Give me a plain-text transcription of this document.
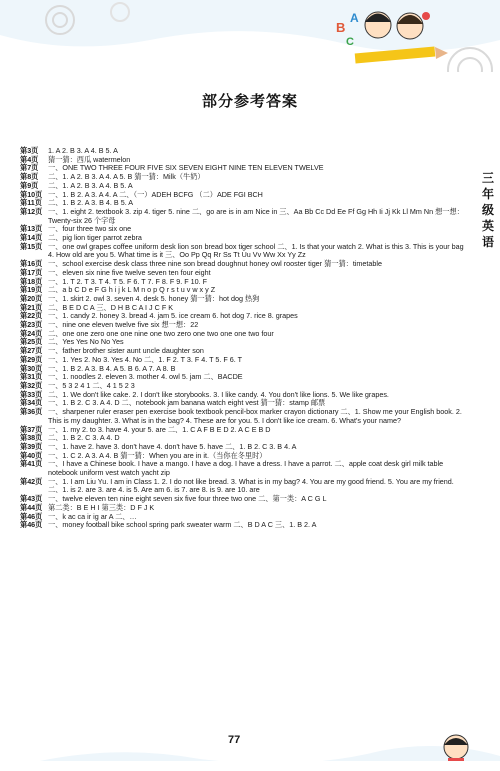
B
A
C
部分参考答案
三年级英语
第3页	1. A 2. B 3. A 4. B 5. A
第4页	猜一猜：西瓜 watermelon
第7页	一、ONE TWO THREE FOUR FIVE SIX SEVEN EIGHT NINE TEN ELEVEN TWELVE
第8页	二、1. A 2. B 3. A 4. A 5. B 猜一猜：Milk（牛奶）
第9页	二、1. A 2. B 3. A 4. B 5. A
第10页 一、1. B 2. A 3. A 4. A 二、（一）ADEH BCFG （二）ADE FGI BCH
第11页 二、1. B 2. A 3. B 4. B 5. A
第12页 一、1. eight 2. textbook 3. zip 4. tiger 5. nine 二、go are is in am Nice in 三、Aa Bb Cc Dd Ee Ff Gg Hh Ii Jj Kk Ll Mm Nn 想一想：Twenty-six 26 个字母
第13页 一、four three two six one
第14页 二、pig lion tiger parrot zebra
第15页 一、one owl grapes coffee uniform desk lion son bread box tiger school 二、1. Is that your watch 2. What is this 3. This is your bag 4. How old are you 5. What time is it 三、Oo Pp Qq Rr Ss Tt Uu Vv Ww Xx Yy Zz
第16页 一、school exercise desk class three nine son bread doughnut honey owl rooster tiger 猜一猜：timetable
第17页 一、eleven six nine five twelve seven ten four eight
第18页 一、1. T 2. T 3. T 4. T 5. F 6. T 7. F 8. F 9. F 10. F
第19页 二、a b C D e F G h i j k L M n o p Q r s t u v w x y Z
第20页 一、1. skirt 2. owl 3. seven 4. desk 5. honey 猜一猜：hot dog 热狗
第21页 二、B E D C A 三、D H B C A I J C F K
第22页 一、1. candy 2. honey 3. bread 4. jam 5. ice cream 6. hot dog 7. rice 8. grapes
第23页 一、nine one eleven twelve five six 想一想：22
第24页 二、one one zero one one nine one two zero one two one one two four
第25页 二、Yes Yes No No Yes
第27页 一、father brother sister aunt uncle daughter son
第29页 一、1. Yes 2. No 3. Yes 4. No 二、1. F 2. T 3. F 4. T 5. F 6. T
第30页 一、1. B 2. A 3. B 4. A 5. B 6. A 7. A 8. B
第31页 一、1. noodles 2. eleven 3. mother 4. owl 5. jam 二、BACDE
第32页 一、5 3 2 4 1 二、4 1 5 2 3
第33页 二、1. We don't like cake. 2. I don't like storybooks. 3. I like candy. 4. You don't like lions. 5. We like grapes.
第34页 一、1. B 2. C 3. A 4. D 二、notebook jam banana watch eight vest 猜一猜：stamp 邮票
第36页 一、sharpener ruler eraser pen exercise book textbook pencil-box marker crayon dictionary 二、1. Show me your English book. 2. This is my daughter. 3. What is in the bag? 4. These are for you. 5. I don't like ice cream. 6. What's your name?
第37页 一、1. my 2. to 3. have 4. your 5. are 二、1. C A F B E D 2. A C E B D
第38页 二、1. B 2. C 3. A 4. D
第39页 一、1. have 2. have 3. don't have 4. don't have 5. have 二、1. B 2. C 3. B 4. A
第40页 一、1. C 2. A 3. A 4. B 猜一猜：When you are in it.（当你在冬里时）
第41页 一、I have a Chinese book. I have a mango. I have a dog. I have a dress. I have a parrot. 二、apple coat desk girl milk table notebook uniform vest watch yacht zip
第42页 一、1. I am Liu Yu. I am in Class 1. 2. I do not like bread. 3. What is in my bag? 4. You are my good friend. 5. You are my friend. 二、1. is 2. are 3. are 4. is 5. Are am 6. is 7. are 8. is 9. are 10. are
第43页 一、twelve eleven ten nine eight seven six five four three two one 二、第一类：A C G L
第44页 第二类：B E H I 第三类：D F J K
第46页 一、k ac ca ir ig ar A 二、…
第46页 一、money football bike school spring park sweater warm 二、B D A C 三、1. B 2. A
77
